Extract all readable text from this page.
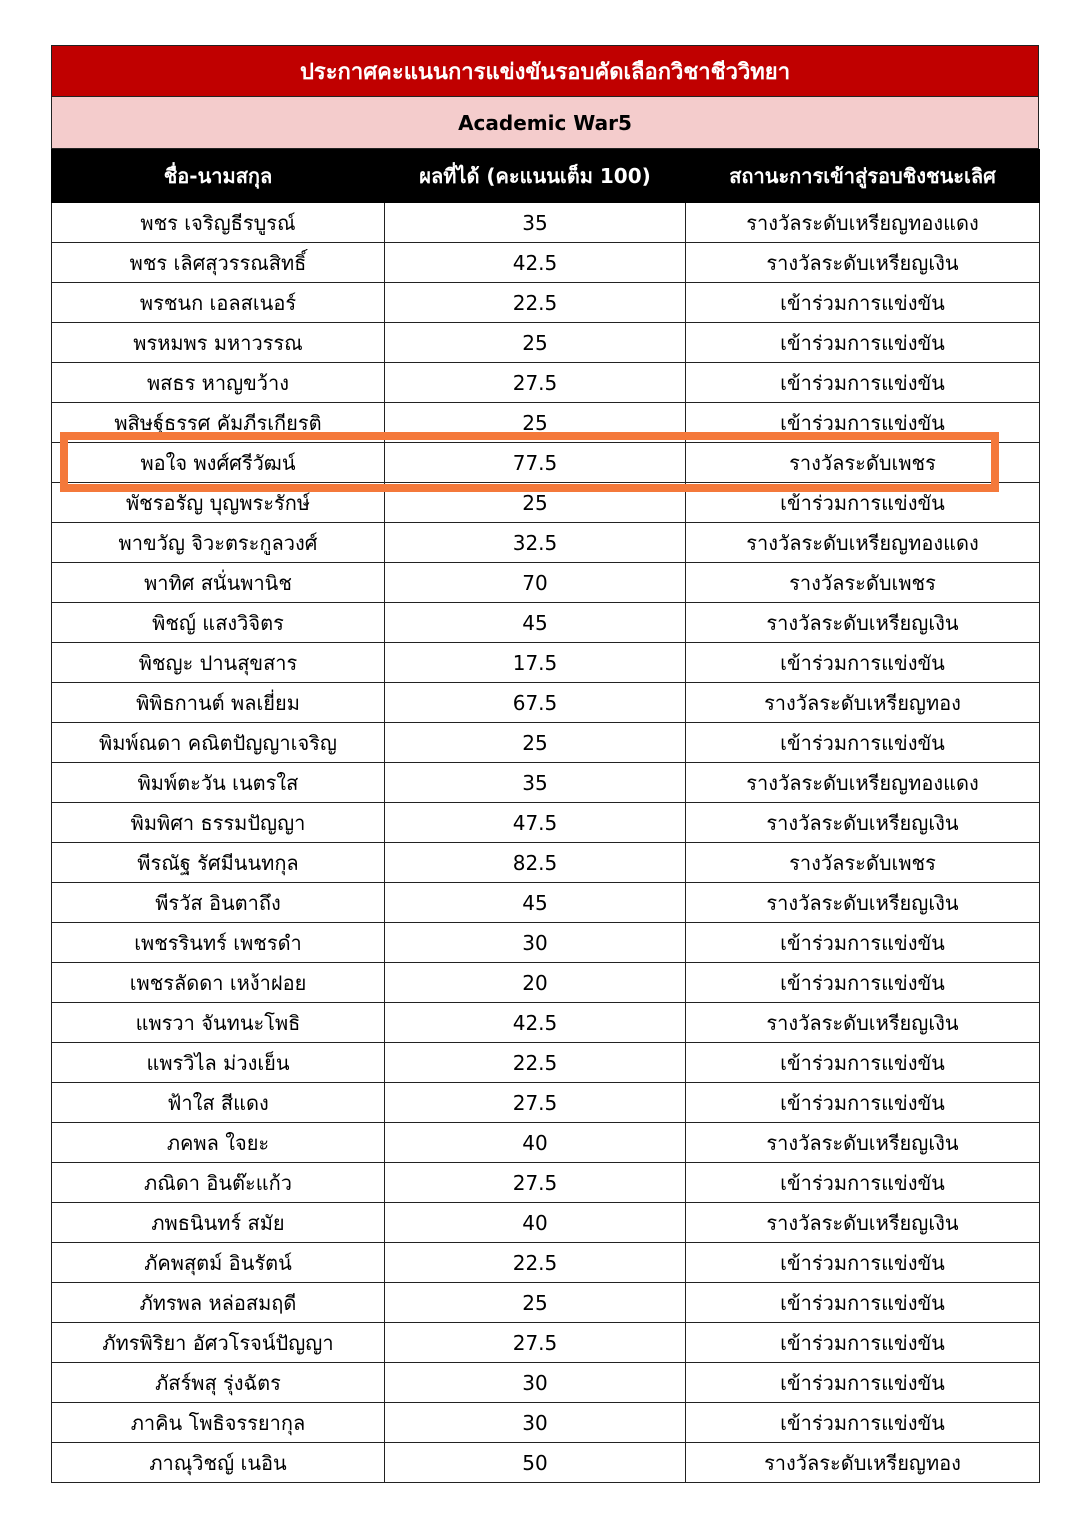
ประกาศคะแนนการแข่งขันรอบคัดเลือกวิชาชีววิทยา
Academic War5
ชื่อ-นามสกุล	ผลที่ได้ (คะแนนเต็ม 100)	สถานะการเข้าสู่รอบชิงชนะเลิศ
พชร เจริญธีรบูรณ์	35	รางวัลระดับเหรียญทองแดง
พชร เลิศสุวรรณสิทธิ์	42.5	รางวัลระดับเหรียญเงิน
พรชนก เอลสเนอร์	22.5	เข้าร่วมการแข่งขัน
พรหมพร มหาวรรณ	25	เข้าร่วมการแข่งขัน
พสธร หาญขว้าง	27.5	เข้าร่วมการแข่งขัน
พสิษฐ์ธรรศ คัมภีรเกียรติ	25	เข้าร่วมการแข่งขัน
พอใจ พงศ์ศรีวัฒน์	77.5	รางวัลระดับเพชร
พัชรอรัญ บุญพระรักษ์	25	เข้าร่วมการแข่งขัน
พาขวัญ จิวะตระกูลวงศ์	32.5	รางวัลระดับเหรียญทองแดง
พาทิศ สนั่นพานิช	70	รางวัลระดับเพชร
พิชญ์ แสงวิจิตร	45	รางวัลระดับเหรียญเงิน
พิชญะ ปานสุขสาร	17.5	เข้าร่วมการแข่งขัน
พิพิธกานต์ พลเยี่ยม	67.5	รางวัลระดับเหรียญทอง
พิมพ์ณดา คณิตปัญญาเจริญ	25	เข้าร่วมการแข่งขัน
พิมพ์ตะวัน เนตรใส	35	รางวัลระดับเหรียญทองแดง
พิมพิศา ธรรมปัญญา	47.5	รางวัลระดับเหรียญเงิน
พีรณัฐ รัศมีนนทกุล	82.5	รางวัลระดับเพชร
พีรวัส อินตาถึง	45	รางวัลระดับเหรียญเงิน
เพชรรินทร์ เพชรดำ	30	เข้าร่วมการแข่งขัน
เพชรลัดดา เหง้าฝอย	20	เข้าร่วมการแข่งขัน
แพรวา จันทนะโพธิ	42.5	รางวัลระดับเหรียญเงิน
แพรวิไล ม่วงเย็น	22.5	เข้าร่วมการแข่งขัน
ฟ้าใส สีแดง	27.5	เข้าร่วมการแข่งขัน
ภคพล ใจยะ	40	รางวัลระดับเหรียญเงิน
ภณิดา อินต๊ะแก้ว	27.5	เข้าร่วมการแข่งขัน
ภพธนินทร์ สมัย	40	รางวัลระดับเหรียญเงิน
ภัคพสุตม์ อินรัตน์	22.5	เข้าร่วมการแข่งขัน
ภัทรพล หล่อสมฤดี	25	เข้าร่วมการแข่งขัน
ภัทรพิริยา อัศวโรจน์ปัญญา	27.5	เข้าร่วมการแข่งขัน
ภัสร์พสุ รุ่งฉัตร	30	เข้าร่วมการแข่งขัน
ภาคิน โพธิจรรยากุล	30	เข้าร่วมการแข่งขัน
ภาณุวิชญ์ เนอิน	50	รางวัลระดับเหรียญทอง
